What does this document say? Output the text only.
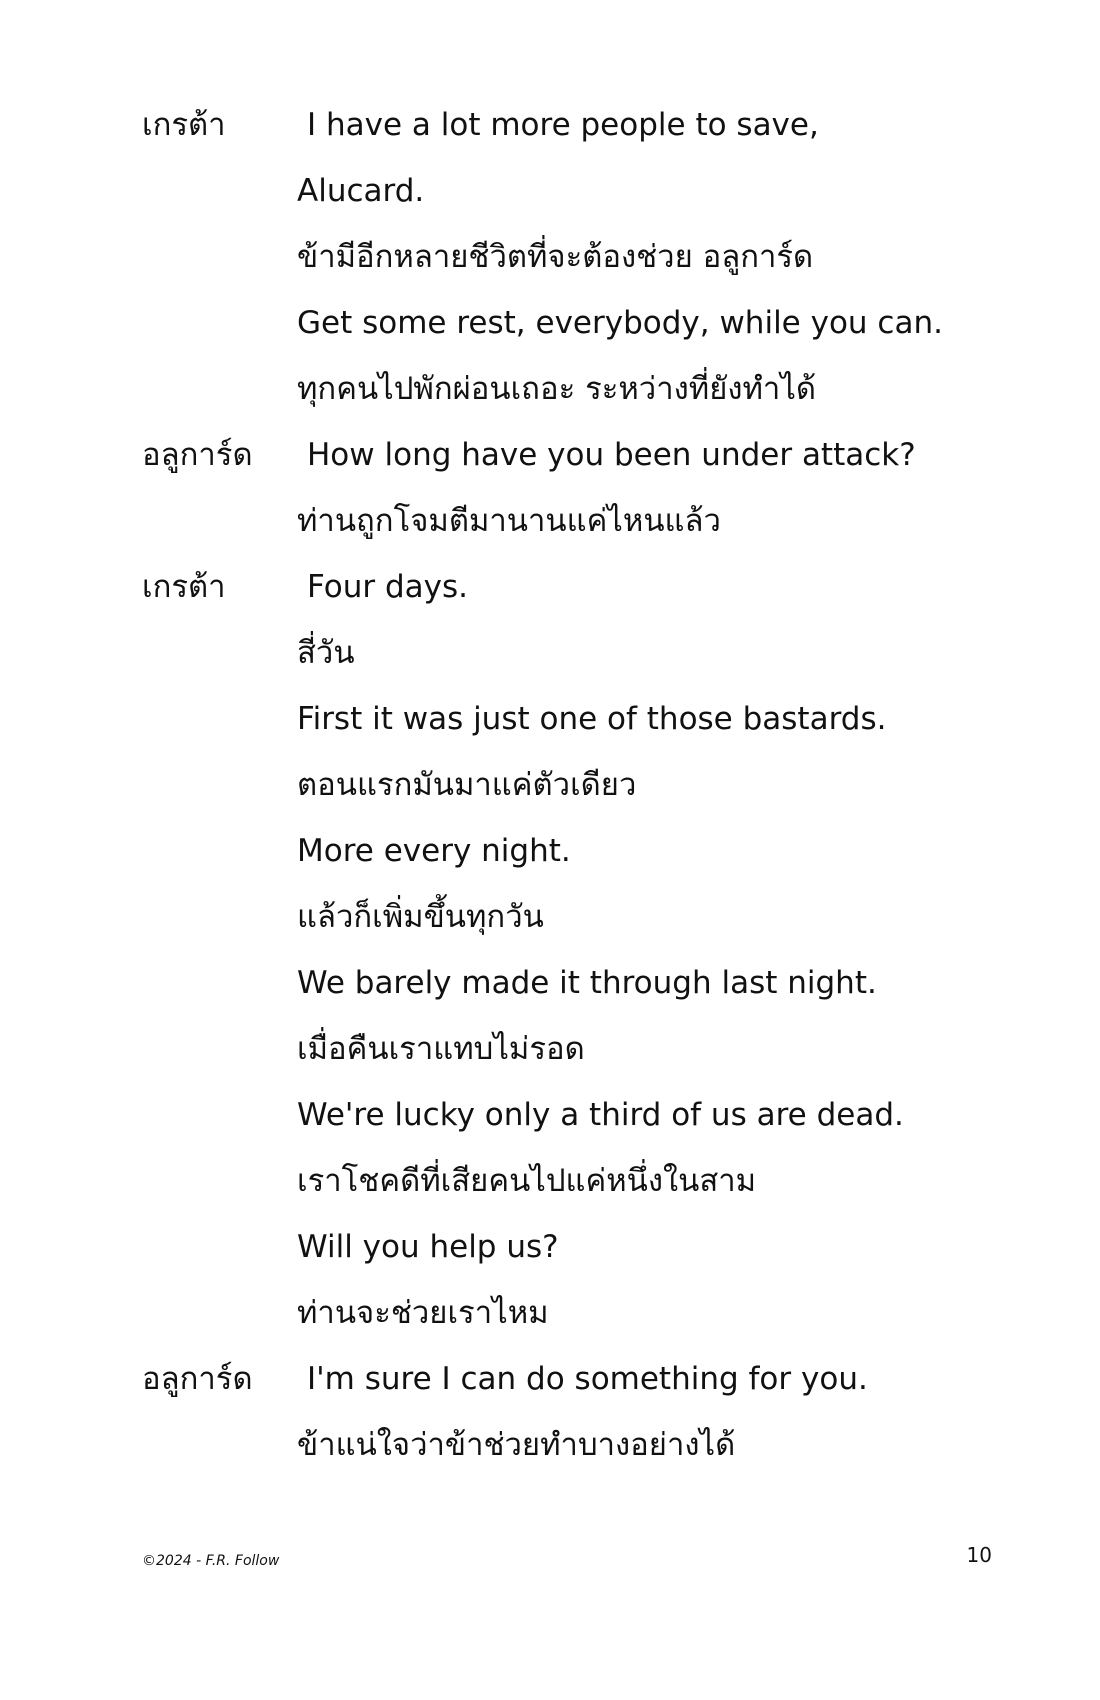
เกรต้า	I have a lot more people to save,
Alucard.
ข้ามีอีกหลายชีวิตที่จะต้องช่วย อลูการ์ด
Get some rest, everybody, while you can.
ทุกคนไปพักผ่อนเถอะ ระหว่างที่ยังทำได้
อลูการ์ด	How long have you been under attack?
ท่านถูกโจมตีมานานแค่ไหนแล้ว
เกรต้า	Four days.
สี่วัน
First it was just one of those bastards.
ตอนแรกมันมาแค่ตัวเดียว
More every night.
แล้วก็เพิ่มขึ้นทุกวัน
We barely made it through last night.
เมื่อคืนเราแทบไม่รอด
We're lucky only a third of us are dead.
เราโชคดีที่เสียคนไปแค่หนึ่งในสาม
Will you help us?
ท่านจะช่วยเราไหม
อลูการ์ด	I'm sure I can do something for you.
ข้าแน่ใจว่าข้าช่วยทำบางอย่างได้
©2024 - F.R. Follow	10
